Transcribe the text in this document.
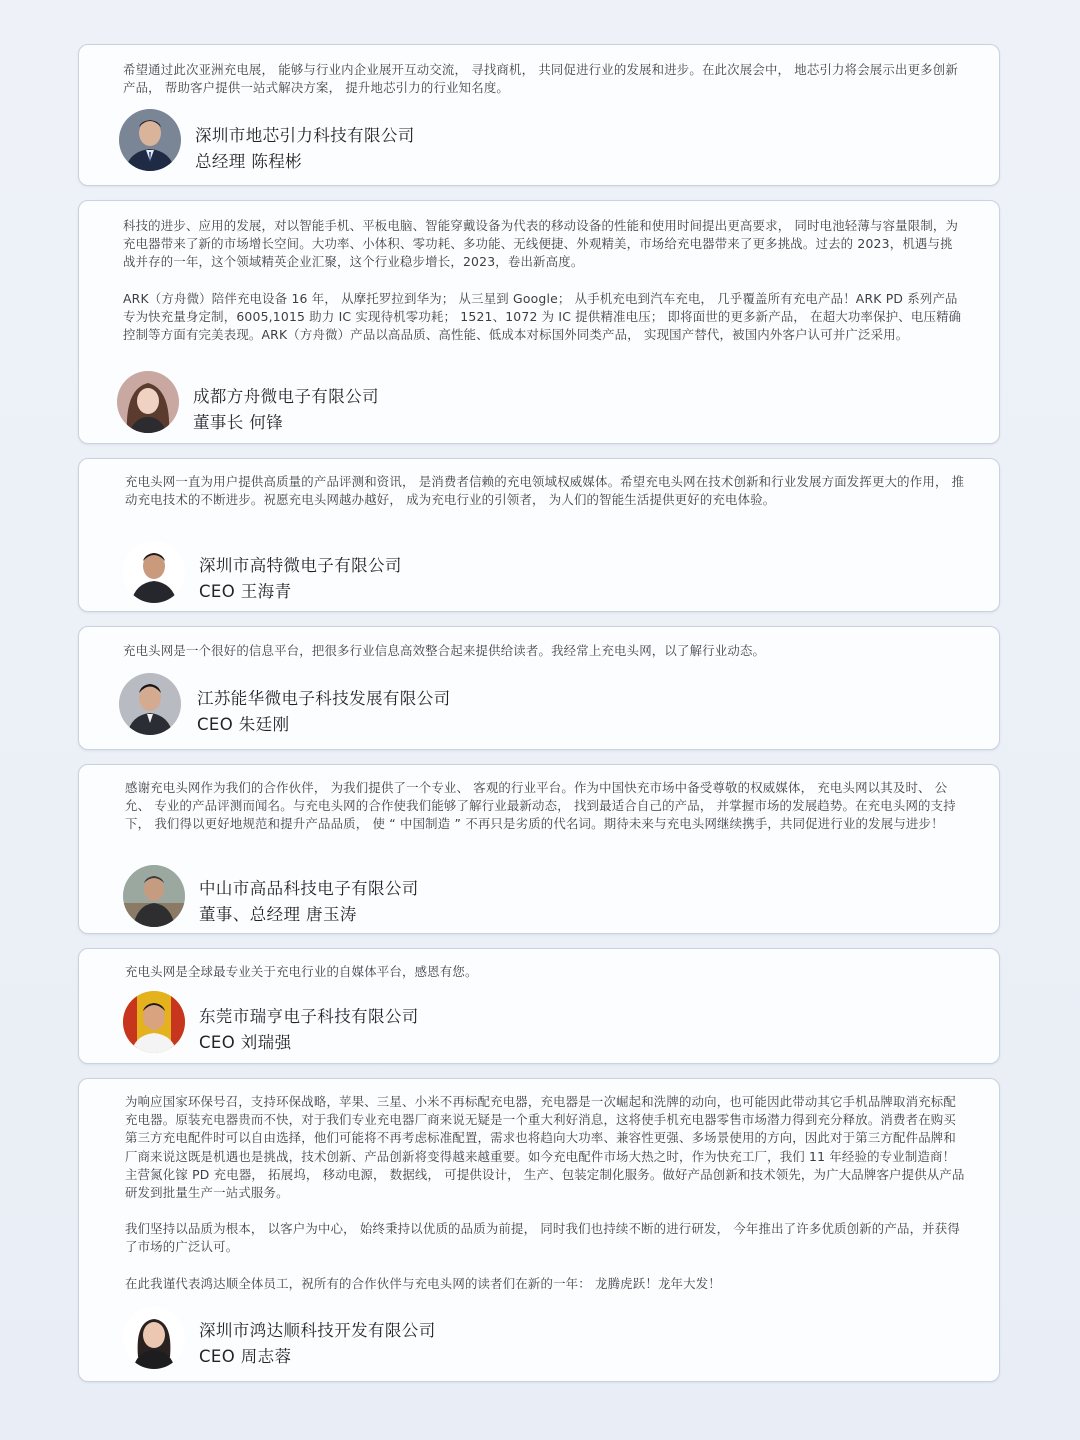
希望通过此次亚洲充电展， 能够与行业内企业展开互动交流， 寻找商机， 共同促进行业的发展和进步。在此次展会中， 地芯引力将会展示出更多创新产品， 帮助客户提供一站式解决方案， 提升地芯引力的行业知名度。

深圳市地芯引力科技有限公司
总经理 陈程彬

科技的进步、应用的发展，对以智能手机、平板电脑、智能穿戴设备为代表的移动设备的性能和使用时间提出更高要求， 同时电池轻薄与容量限制，为充电器带来了新的市场增长空间。大功率、小体积、零功耗、多功能、无线便捷、外观精美，市场给充电器带来了更多挑战。过去的 2023，机遇与挑战并存的一年，这个领域精英企业汇聚，这个行业稳步增长，2023，卷出新高度。

ARK（方舟微）陪伴充电设备 16 年， 从摩托罗拉到华为； 从三星到 Google； 从手机充电到汽车充电， 几乎覆盖所有充电产品！ARK PD 系列产品专为快充量身定制，6005,1015 助力 IC 实现待机零功耗； 1521、1072 为 IC 提供精准电压； 即将面世的更多新产品， 在超大功率保护、电压精确控制等方面有完美表现。ARK（方舟微）产品以高品质、高性能、低成本对标国外同类产品， 实现国产替代，被国内外客户认可并广泛采用。

成都方舟微电子有限公司
董事长 何锋

充电头网一直为用户提供高质量的产品评测和资讯， 是消费者信赖的充电领域权威媒体。希望充电头网在技术创新和行业发展方面发挥更大的作用， 推动充电技术的不断进步。祝愿充电头网越办越好， 成为充电行业的引领者， 为人们的智能生活提供更好的充电体验。

深圳市高特微电子有限公司
CEO 王海青

充电头网是一个很好的信息平台，把很多行业信息高效整合起来提供给读者。我经常上充电头网，以了解行业动态。

江苏能华微电子科技发展有限公司
CEO 朱廷刚

感谢充电头网作为我们的合作伙伴， 为我们提供了一个专业、 客观的行业平台。作为中国快充市场中备受尊敬的权威媒体， 充电头网以其及时、 公允、 专业的产品评测而闻名。与充电头网的合作使我们能够了解行业最新动态， 找到最适合自己的产品， 并掌握市场的发展趋势。在充电头网的支持下， 我们得以更好地规范和提升产品品质， 使 “ 中国制造 ” 不再只是劣质的代名词。期待未来与充电头网继续携手，共同促进行业的发展与进步！

中山市高品科技电子有限公司
董事、总经理 唐玉涛

充电头网是全球最专业关于充电行业的自媒体平台，感恩有您。

东莞市瑞亨电子科技有限公司
CEO 刘瑞强

为响应国家环保号召，支持环保战略，苹果、三星、小米不再标配充电器，充电器是一次崛起和洗牌的动向，也可能因此带动其它手机品牌取消充标配充电器。原装充电器贵而不快，对于我们专业充电器厂商来说无疑是一个重大利好消息，这将使手机充电器零售市场潜力得到充分释放。消费者在购买第三方充电配件时可以自由选择，他们可能将不再考虑标准配置，需求也将趋向大功率、兼容性更强、多场景使用的方向，因此对于第三方配件品牌和厂商来说这既是机遇也是挑战，技术创新、产品创新将变得越来越重要。如今充电配件市场大热之时，作为快充工厂，我们 11 年经验的专业制造商！主营氮化镓 PD 充电器， 拓展坞， 移动电源， 数据线， 可提供设计， 生产、包装定制化服务。做好产品创新和技术领先，为广大品牌客户提供从产品研发到批量生产一站式服务。

我们坚持以品质为根本， 以客户为中心， 始终秉持以优质的品质为前提， 同时我们也持续不断的进行研发， 今年推出了许多优质创新的产品，并获得了市场的广泛认可。

在此我谨代表鸿达顺全体员工，祝所有的合作伙伴与充电头网的读者们在新的一年： 龙腾虎跃！龙年大发！

深圳市鸿达顺科技开发有限公司
CEO 周志蓉
